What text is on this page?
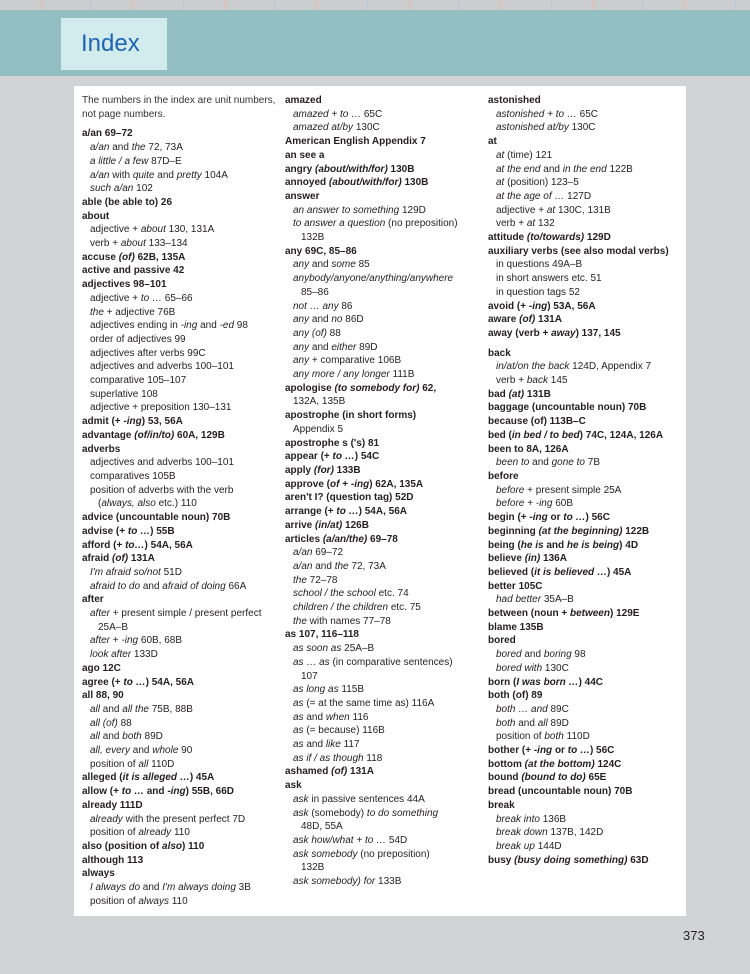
Index
The numbers in the index are unit numbers, not page numbers.
a/an 69–72
a/an and the 72, 73A
a little / a few 87D–E
a/an with quite and pretty 104A
such a/an 102
able (be able to) 26
about
adjective + about 130, 131A
verb + about 133–134
accuse (of) 62B, 135A
active and passive 42
adjectives 98–101
adjective + to … 65–66
the + adjective 76B
adjectives ending in -ing and -ed 98
order of adjectives 99
adjectives after verbs 99C
adjectives and adverbs 100–101
comparative 105–107
superlative 108
adjective + preposition 130–131
admit (+ -ing) 53, 56A
advantage (of/in/to) 60A, 129B
adverbs
adjectives and adverbs 100–101
comparatives 105B
position of adverbs with the verb
(always, also etc.) 110
advice (uncountable noun) 70B
advise (+ to …) 55B
afford (+ to…) 54A, 56A
afraid (of) 131A
I'm afraid so/not 51D
afraid to do and afraid of doing 66A
after
after + present simple / present perfect
25A–B
after + -ing 60B, 68B
look after 133D
ago 12C
agree (+ to …) 54A, 56A
all 88, 90
all and all the 75B, 88B
all (of) 88
all and both 89D
all, every and whole 90
position of all 110D
alleged (it is alleged …) 45A
allow (+ to … and -ing) 55B, 66D
already 111D
already with the present perfect 7D
position of already 110
also (position of also) 110
although 113
always
I always do and I'm always doing 3B
position of always 110
amazed
amazed + to … 65C
amazed at/by 130C
American English Appendix 7
an see a
angry (about/with/for) 130B
annoyed (about/with/for) 130B
answer
an answer to something 129D
to answer a question (no preposition)
132B
any 69C, 85–86
any and some 85
anybody/anyone/anything/anywhere
85–86
not … any 86
any and no 86D
any (of) 88
any and either 89D
any + comparative 106B
any more / any longer 111B
apologise (to somebody for) 62,
132A, 135B
apostrophe (in short forms)
Appendix 5
apostrophe s ('s) 81
appear (+ to …) 54C
apply (for) 133B
approve (of + -ing) 62A, 135A
aren't I? (question tag) 52D
arrange (+ to …) 54A, 56A
arrive (in/at) 126B
articles (a/an/the) 69–78
a/an 69–72
a/an and the 72, 73A
the 72–78
school / the school etc. 74
children / the children etc. 75
the with names 77–78
as 107, 116–118
as soon as 25A–B
as … as (in comparative sentences)
107
as long as 115B
as (= at the same time as) 116A
as and when 116
as (= because) 116B
as and like 117
as if / as though 118
ashamed (of) 131A
ask
ask in passive sentences 44A
ask (somebody) to do something
48D, 55A
ask how/what + to … 54D
ask somebody (no preposition)
132B
ask somebody) for 133B
astonished
astonished + to … 65C
astonished at/by 130C
at
at (time) 121
at the end and in the end 122B
at (position) 123–5
at the age of … 127D
adjective + at 130C, 131B
verb + at 132
attitude (to/towards) 129D
auxiliary verbs (see also modal verbs)
in questions 49A–B
in short answers etc. 51
in question tags 52
avoid (+ -ing) 53A, 56A
aware (of) 131A
away (verb + away) 137, 145
back
in/at/on the back 124D, Appendix 7
verb + back 145
bad (at) 131B
baggage (uncountable noun) 70B
because (of) 113B–C
bed (in bed / to bed) 74C, 124A, 126A
been to 8A, 126A
been to and gone to 7B
before
before + present simple 25A
before + -ing 60B
begin (+ -ing or to …) 56C
beginning (at the beginning) 122B
being (he is and he is being) 4D
believe (in) 136A
believed (it is believed …) 45A
better 105C
had better 35A–B
between (noun + between) 129E
blame 135B
bored
bored and boring 98
bored with 130C
born (I was born …) 44C
both (of) 89
both … and 89C
both and all 89D
position of both 110D
bother (+ -ing or to …) 56C
bottom (at the bottom) 124C
bound (bound to do) 65E
bread (uncountable noun) 70B
break
break into 136B
break down 137B, 142D
break up 144D
busy (busy doing something) 63D
373
